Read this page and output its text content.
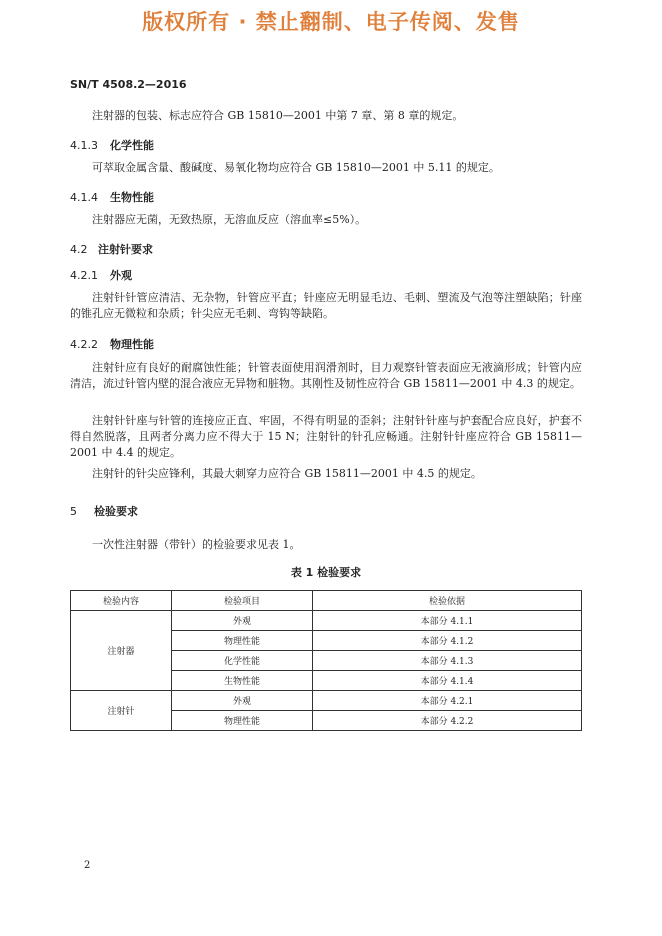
版权所有 · 禁止翻制、电子传阅、发售
SN/T 4508.2—2016

注射器的包装、标志应符合 GB 15810—2001 中第 7 章、第 8 章的规定。

4.1.3 化学性能

可萃取金属含量、酸碱度、易氧化物均应符合 GB 15810—2001 中 5.11 的规定。

4.1.4 生物性能

注射器应无菌，无致热原，无溶血反应（溶血率≤5%）。

4.2 注射针要求
4.2.1 外观

注射针针管应清洁、无杂物，针管应平直；针座应无明显毛边、毛刺、塑流及气泡等注塑缺陷；针座的锥孔应无微粒和杂质；针尖应无毛刺、弯钩等缺陷。

4.2.2 物理性能

注射针应有良好的耐腐蚀性能；针管表面使用润滑剂时，目力观察针管表面应无液滴形成；针管内应清洁，流过针管内壁的混合液应无异物和脏物。其刚性及韧性应符合 GB 15811—2001 中 4.3 的规定。

注射针针座与针管的连接应正直、牢固，不得有明显的歪斜；注射针针座与护套配合应良好，护套不得自然脱落，且两者分离力应不得大于 15 N；注射针的针孔应畅通。注射针针座应符合 GB 15811—2001 中 4.4 的规定。

注射针的针尖应锋利，其最大刺穿力应符合 GB 15811—2001 中 4.5 的规定。

5 检验要求

一次性注射器（带针）的检验要求见表 1。

表 1 检验要求
检验内容	检验项目	检验依据
注射器	外观	本部分 4.1.1
	物理性能	本部分 4.1.2
	化学性能	本部分 4.1.3
	生物性能	本部分 4.1.4
注射针	外观	本部分 4.2.1
	物理性能	本部分 4.2.2
2
